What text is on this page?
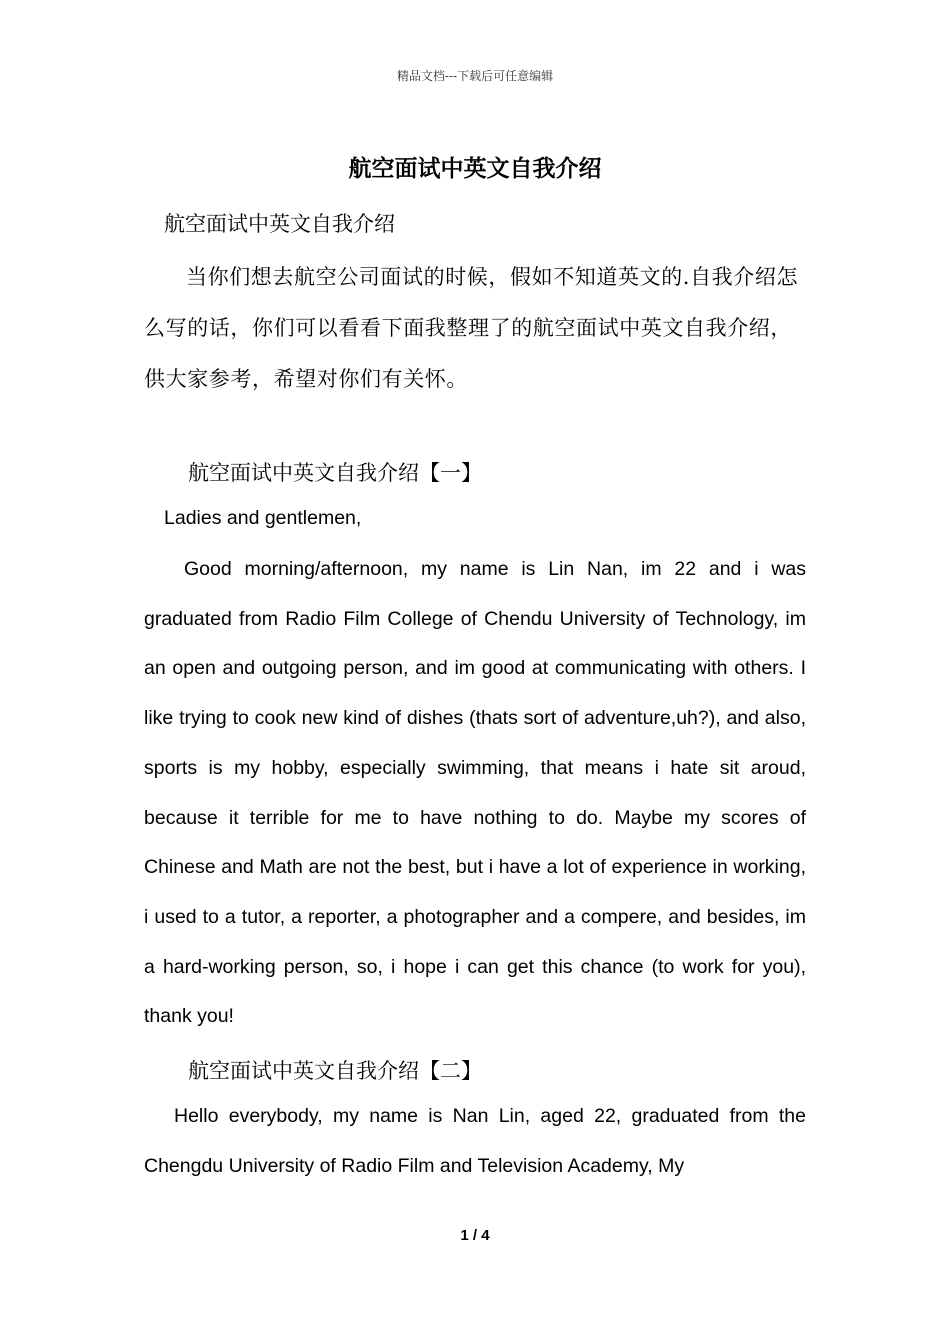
精品文档---下载后可任意编辑
航空面试中英文自我介绍
航空面试中英文自我介绍
当你们想去航空公司面试的时候，假如不知道英文的.自我介绍怎么写的话，你们可以看看下面我整理了的航空面试中英文自我介绍，供大家参考，希望对你们有关怀。
航空面试中英文自我介绍【一】
Ladies and gentlemen,
Good morning/afternoon, my name is Lin Nan, im 22 and i was graduated from Radio Film College of Chendu University of Technology, im an open and outgoing person, and im good at communicating with others. I like trying to cook new kind of dishes (thats sort of adventure,uh?), and also, sports is my hobby, especially swimming, that means i hate sit aroud, because it terrible for me to have nothing to do. Maybe my scores of Chinese and Math are not the best, but i have a lot of experience in working, i used to a tutor, a reporter, a photographer and a compere, and besides, im a hard-working person, so, i hope i can get this chance (to work for you), thank you!
航空面试中英文自我介绍【二】
Hello everybody, my name is Nan Lin, aged 22, graduated from the Chengdu University of Radio Film and Television Academy, My
1 / 4
